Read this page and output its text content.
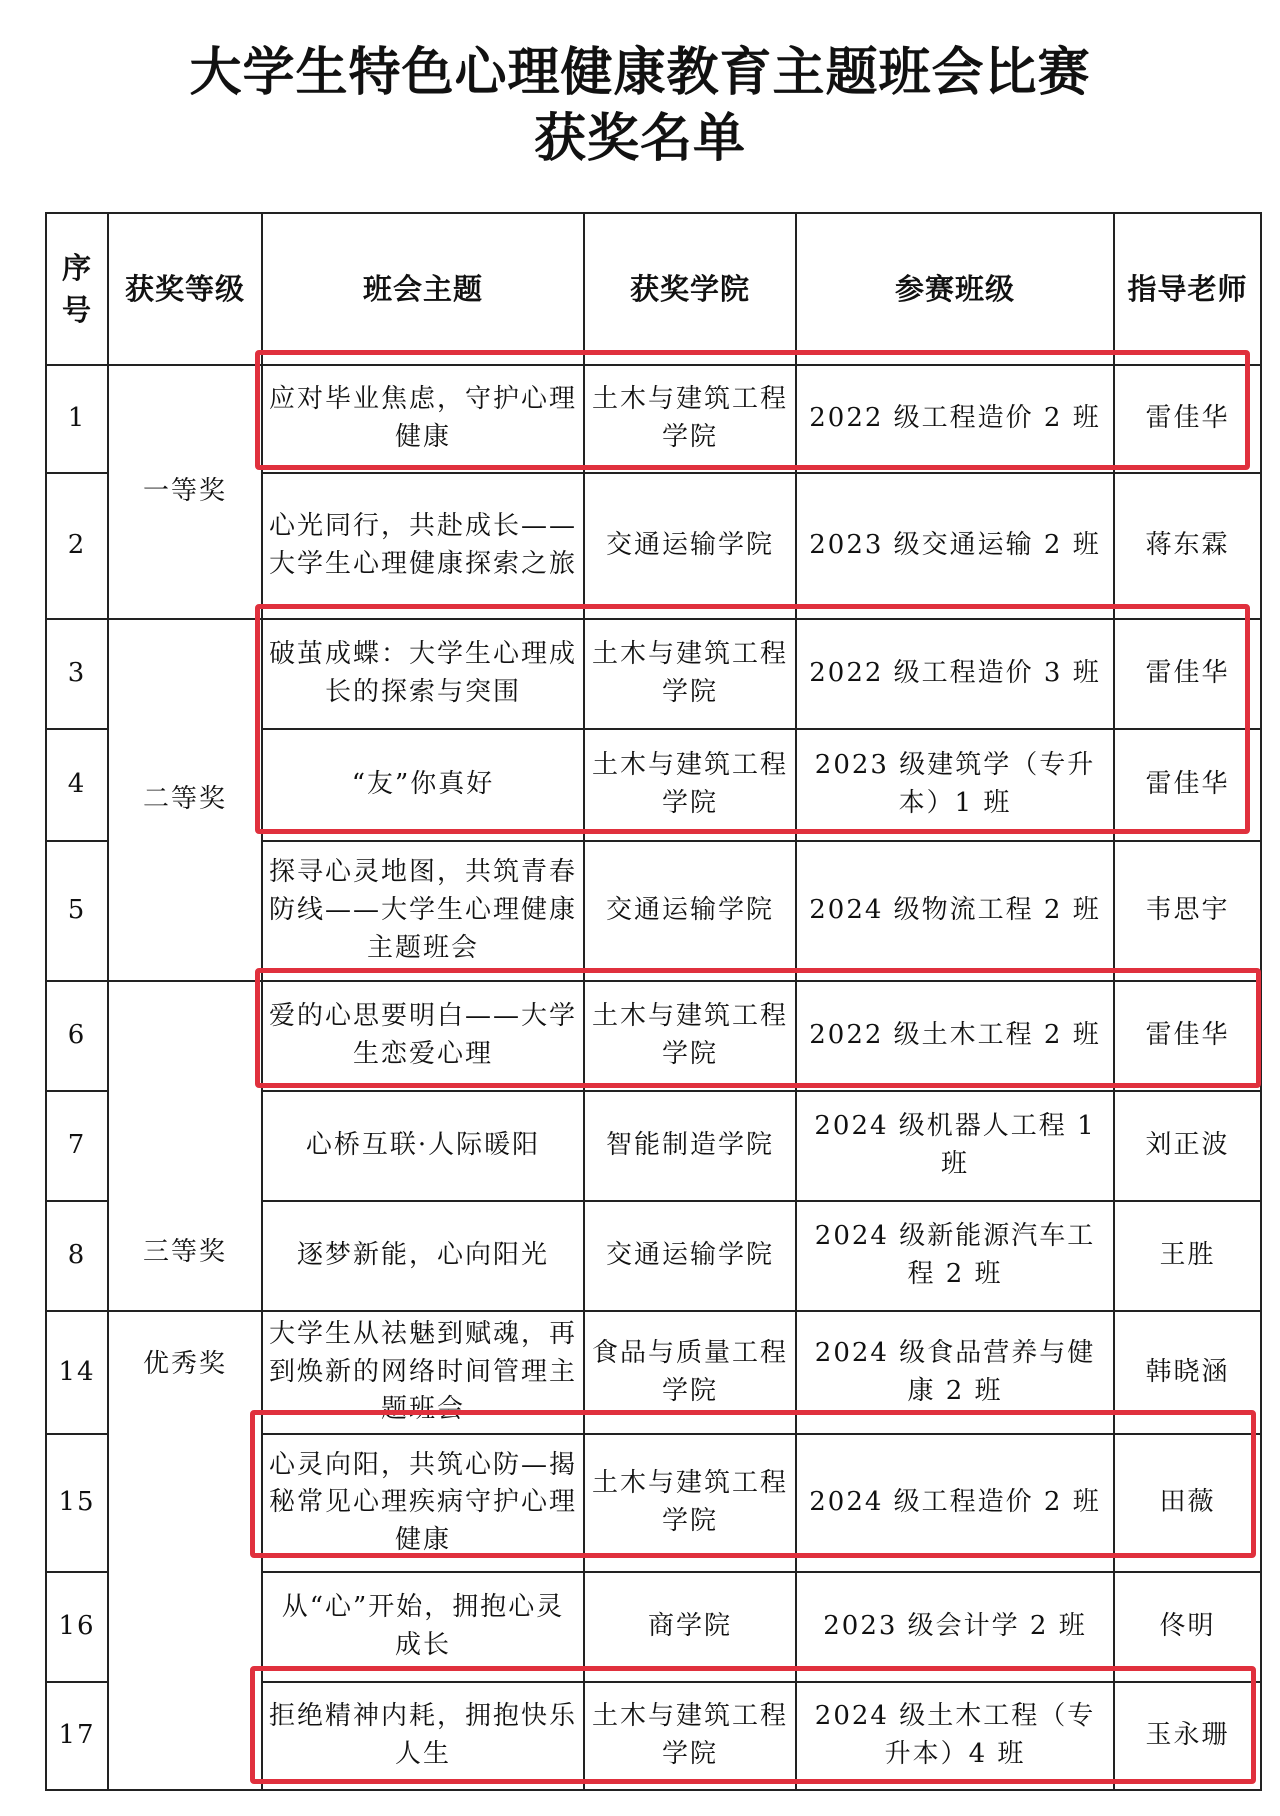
大学生特色心理健康教育主题班会比赛
获奖名单
序号	获奖等级	班会主题	获奖学院	参赛班级	指导老师
1	一等奖	应对毕业焦虑，守护心理健康	土木与建筑工程学院	2022 级工程造价 2 班	雷佳华
2		心光同行，共赴成长——大学生心理健康探索之旅	交通运输学院	2023 级交通运输 2 班	蒋东霖
3	二等奖	破茧成蝶：大学生心理成长的探索与突围	土木与建筑工程学院	2022 级工程造价 3 班	雷佳华
4		“友”你真好	土木与建筑工程学院	2023 级建筑学（专升本）1 班	雷佳华
5		探寻心灵地图，共筑青春防线——大学生心理健康主题班会	交通运输学院	2024 级物流工程 2 班	韦思宇
6	三等奖	爱的心思要明白——大学生恋爱心理	土木与建筑工程学院	2022 级土木工程 2 班	雷佳华
7		心桥互联·人际暖阳	智能制造学院	2024 级机器人工程 1 班	刘正波
8		逐梦新能，心向阳光	交通运输学院	2024 级新能源汽车工程 2 班	王胜
14	优秀奖	大学生从祛魅到赋魂，再到焕新的网络时间管理主题班会	食品与质量工程学院	2024 级食品营养与健康 2 班	韩晓涵
15		心灵向阳，共筑心防—揭秘常见心理疾病守护心理健康	土木与建筑工程学院	2024 级工程造价 2 班	田薇
16		从“心”开始，拥抱心灵成长	商学院	2023 级会计学 2 班	佟明
17		拒绝精神内耗，拥抱快乐人生	土木与建筑工程学院	2024 级土木工程（专升本）4 班	玉永珊
